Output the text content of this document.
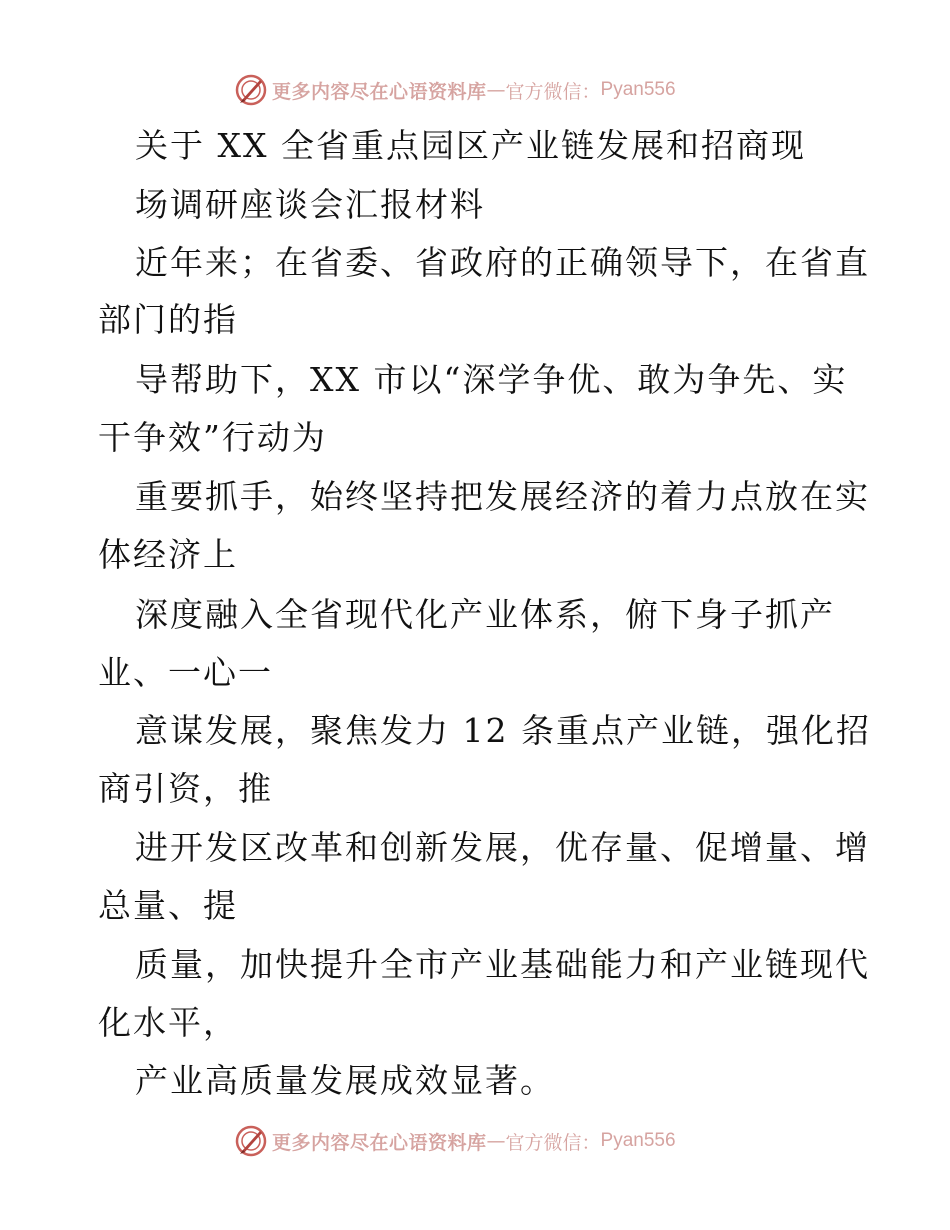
更多内容尽在心语资料库 — 官方微信： Pyan556
关于 XX 全省重点园区产业链发展和招商现
场调研座谈会汇报材料
近年来；在省委、省政府的正确领导下，在省直
部门的指
导帮助下，XX 市以“深学争优、敢为争先、实
干争效”行动为
重要抓手，始终坚持把发展经济的着力点放在实
体经济上
深度融入全省现代化产业体系，俯下身子抓产
业、一心一
意谋发展，聚焦发力 12 条重点产业链，强化招
商引资，推
进开发区改革和创新发展，优存量、促增量、增
总量、提
质量，加快提升全市产业基础能力和产业链现代
化水平，
产业高质量发展成效显著。
更多内容尽在心语资料库 — 官方微信： Pyan556
